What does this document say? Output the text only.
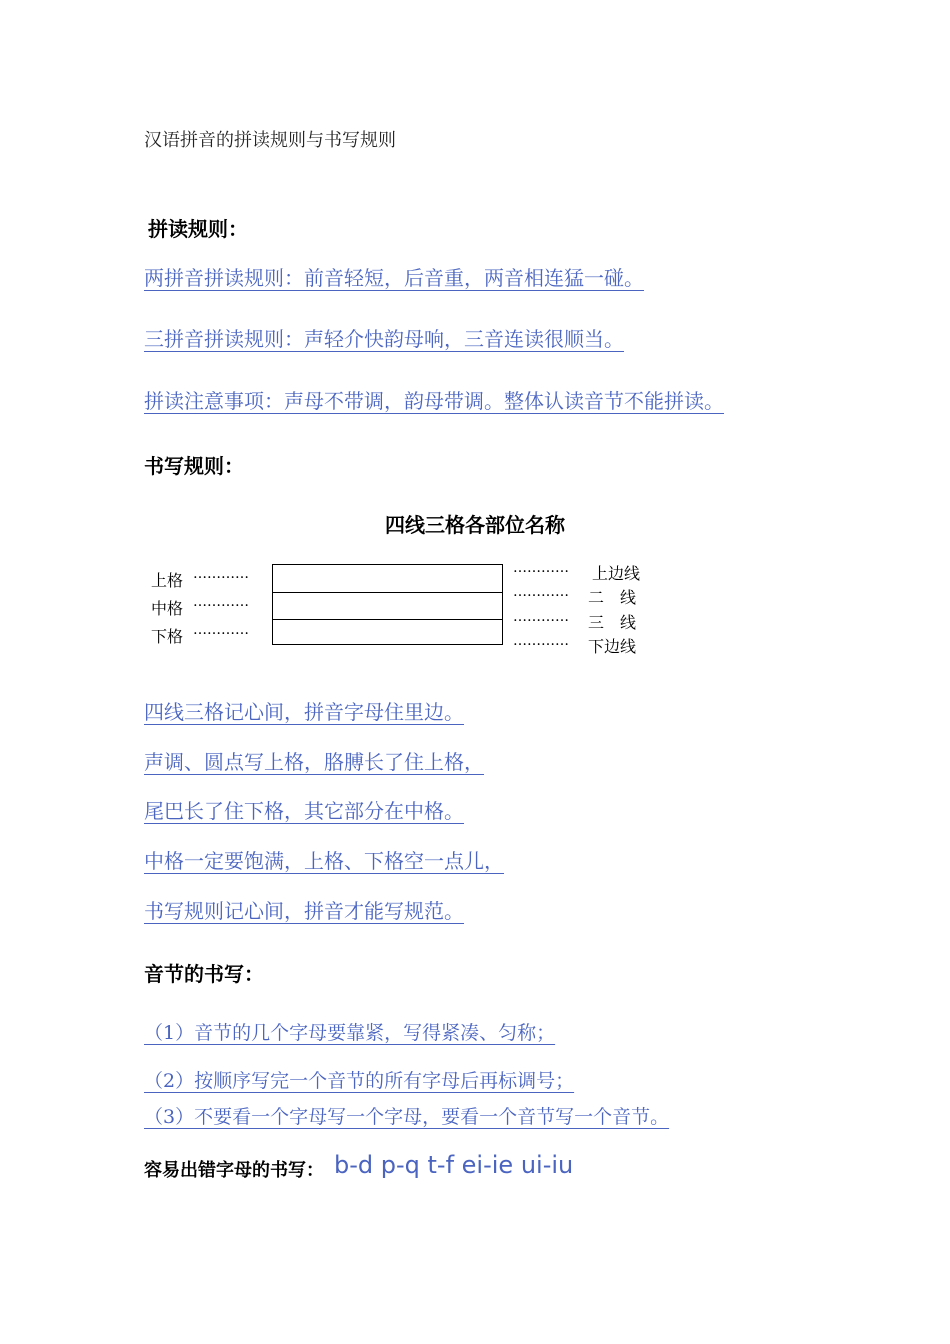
汉语拼音的拼读规则与书写规则
拼读规则：
两拼音拼读规则：前音轻短，后音重，两音相连猛一碰。
三拼音拼读规则：声轻介快韵母响，三音连读很顺当。
拼读注意事项：声母不带调，韵母带调。整体认读音节不能拼读。
书写规则：
四线三格各部位名称
上格
中格
下格
…………
…………
…………
…………
…………
…………
…………
上边线
二　线
三　线
下边线
四线三格记心间，拼音字母住里边。
声调、圆点写上格，胳膊长了住上格，
尾巴长了住下格，其它部分在中格。
中格一定要饱满，上格、下格空一点儿，
书写规则记心间，拼音才能写规范。
音节的书写：
（1）音节的几个字母要靠紧，写得紧凑、匀称；
（2）按顺序写完一个音节的所有字母后再标调号；
（3）不要看一个字母写一个字母，要看一个音节写一个音节。
容易出错字母的书写： b-d p-q t-f ei-ie ui-iu
